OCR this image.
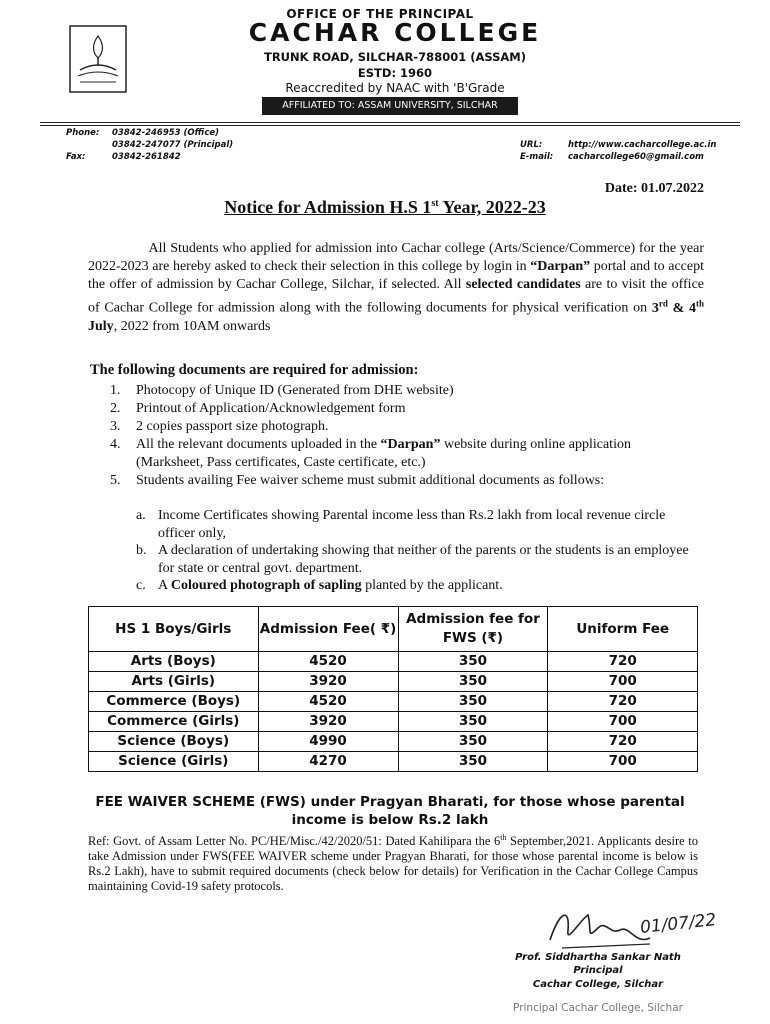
OFFICE OF THE PRINCIPAL
CACHAR COLLEGE
TRUNK ROAD, SILCHAR-788001 (ASSAM)
ESTD: 1960
Reaccredited by NAAC with 'B'Grade
AFFILIATED TO: ASSAM UNIVERSITY, SILCHAR
Phone: 03842-246953 (Office)
03842-247077 (Principal)
Fax:	03842-261842
URL:	http://www.cacharcollege.ac.in
E-mail: cacharcollege60@gmail.com
Date: 01.07.2022
Notice for Admission H.S 1st Year, 2022-23
All Students who applied for admission into Cachar college (Arts/Science/Commerce) for the year 2022-2023 are hereby asked to check their selection in this college by login in “Darpan” portal and to accept the offer of admission by Cachar College, Silchar, if selected. All selected candidates are to visit the office of Cachar College for admission along with the following documents for physical verification on 3rd & 4th July, 2022 from 10AM onwards
The following documents are required for admission:
1. Photocopy of Unique ID (Generated from DHE website)
2. Printout of Application/Acknowledgement form
3. 2 copies passport size photograph.
4. All the relevant documents uploaded in the “Darpan” website during online application (Marksheet, Pass certificates, Caste certificate, etc.)
5. Students availing Fee waiver scheme must submit additional documents as follows:
a. Income Certificates showing Parental income less than Rs.2 lakh from local revenue circle officer only,
b. A declaration of undertaking showing that neither of the parents or the students is an employee for state or central govt. department.
c. A Coloured photograph of sapling planted by the applicant.
HS 1 Boys/Girls	Admission Fee( ₹)	Admission fee for FWS (₹)	Uniform Fee
Arts (Boys)	4520	350	720
Arts (Girls)	3920	350	700
Commerce (Boys)	4520	350	720
Commerce (Girls)	3920	350	700
Science (Boys)	4990	350	720
Science (Girls)	4270	350	700
FEE WAIVER SCHEME (FWS) under Pragyan Bharati, for those whose parental income is below Rs.2 lakh
Ref: Govt. of Assam Letter No. PC/HE/Misc./42/2020/51: Dated Kahilipara the 6th September,2021. Applicants desire to take Admission under FWS(FEE WAIVER scheme under Pragyan Bharati, for those whose parental income is below is Rs.2 Lakh), have to submit required documents (check below for details) for Verification in the Cachar College Campus maintaining Covid-19 safety protocols.
01/07/22
Prof. Siddhartha Sankar Nath
Principal
Cachar College, Silchar
Principal Cachar College, Silchar
